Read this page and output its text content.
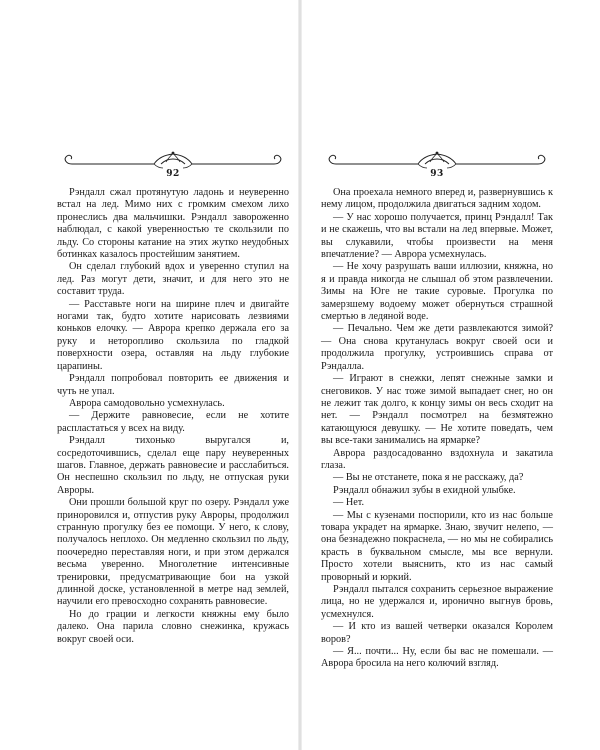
92

Рэндалл сжал протянутую ладонь и неуверенно встал на лед. Мимо них с громким смехом лихо пронеслись два мальчишки. Рэндалл завороженно наблюдал, с какой уверенностью те скользили по льду. Со стороны катание на этих жутко неудобных ботинках казалось простейшим занятием.

Он сделал глубокий вдох и уверенно ступил на лед. Раз могут дети, значит, и для него это не составит труда.

— Расставьте ноги на ширине плеч и двигайте ногами так, будто хотите нарисовать лезвиями коньков елочку. — Аврора крепко держала его за руку и неторопливо скользила по гладкой поверхности озера, оставляя на льду глубокие царапины.

Рэндалл попробовал повторить ее движения и чуть не упал.

Аврора самодовольно усмехнулась.

— Держите равновесие, если не хотите распластаться у всех на виду.

Рэндалл тихонько выругался и, сосредоточившись, сделал еще пару неуверенных шагов. Главное, держать равновесие и расслабиться. Он неспешно скользил по льду, не отпуская руки Авроры.

Они прошли большой круг по озеру. Рэндалл уже приноровился и, отпустив руку Авроры, продолжил странную прогулку без ее помощи. У него, к слову, получалось неплохо. Он медленно скользил по льду, поочередно переставляя ноги, и при этом держался весьма уверенно. Многолетние интенсивные тренировки, предусматривающие бои на узкой длинной доске, установленной в метре над землей, научили его превосходно сохранять равновесие.

Но до грации и легкости княжны ему было далеко. Она парила словно снежинка, кружась вокруг своей оси.

93

Она проехала немного вперед и, развернувшись к нему лицом, продолжила двигаться задним ходом.

— У нас хорошо получается, принц Рэндалл! Так и не скажешь, что вы встали на лед впервые. Может, вы слукавили, чтобы произвести на меня впечатление? — Аврора усмехнулась.

— Не хочу разрушать ваши иллюзии, княжна, но я и правда никогда не слышал об этом развлечении. Зимы на Юге не такие суровые. Прогулка по замерзшему водоему может обернуться страшной смертью в ледяной воде.

— Печально. Чем же дети развлекаются зимой? — Она снова крутанулась вокруг своей оси и продолжила прогулку, устроившись справа от Рэндалла.

— Играют в снежки, лепят снежные замки и снеговиков. У нас тоже зимой выпадает снег, но он не лежит так долго, к концу зимы он весь сходит на нет. — Рэндалл посмотрел на безмятежно катающуюся девушку. — Не хотите поведать, чем вы все-таки занимались на ярмарке?

Аврора раздосадованно вздохнула и закатила глаза.

— Вы не отстанете, пока я не расскажу, да?

Рэндалл обнажил зубы в ехидной улыбке.

— Нет.

— Мы с кузенами поспорили, кто из нас больше товара украдет на ярмарке. Знаю, звучит нелепо, — она безнадежно покраснела, — но мы не собирались красть в буквальном смысле, мы все вернули. Просто хотели выяснить, кто из нас самый проворный и юркий.

Рэндалл пытался сохранить серьезное выражение лица, но не удержался и, иронично выгнув бровь, усмехнулся.

— И кто из вашей четверки оказался Королем воров?

— Я... почти... Ну, если бы вас не помешали. — Аврора бросила на него колючий взгляд.
